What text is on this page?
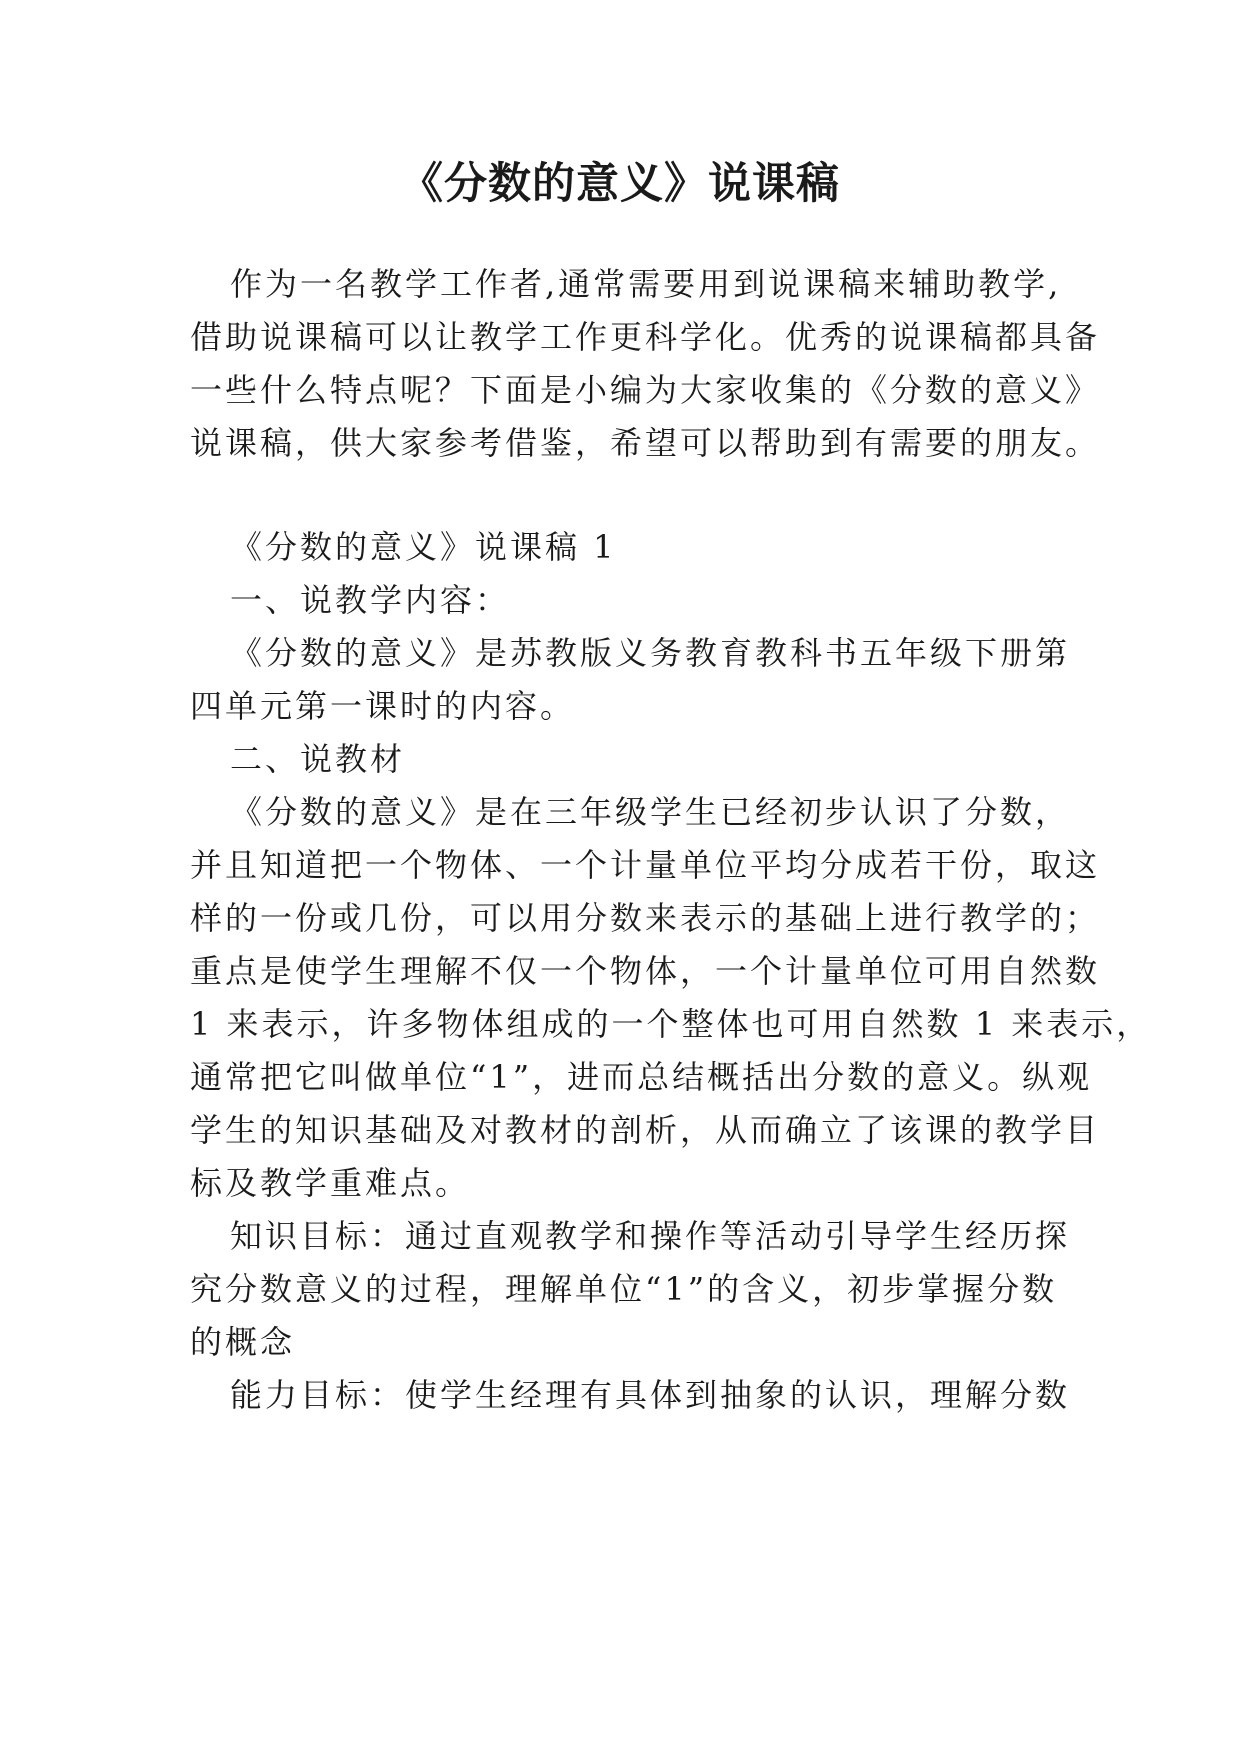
《分数的意义》说课稿
作为一名教学工作者,通常需要用到说课稿来辅助教学,
借助说课稿可以让教学工作更科学化。优秀的说课稿都具备
一些什么特点呢？下面是小编为大家收集的《分数的意义》
说课稿，供大家参考借鉴，希望可以帮助到有需要的朋友。
《分数的意义》说课稿 1
一、说教学内容：
《分数的意义》是苏教版义务教育教科书五年级下册第
四单元第一课时的内容。
二、说教材
《分数的意义》是在三年级学生已经初步认识了分数，
并且知道把一个物体、一个计量单位平均分成若干份，取这
样的一份或几份，可以用分数来表示的基础上进行教学的；
重点是使学生理解不仅一个物体，一个计量单位可用自然数
1 来表示，许多物体组成的一个整体也可用自然数 1 来表示，
通常把它叫做单位“1”，进而总结概括出分数的意义。纵观
学生的知识基础及对教材的剖析，从而确立了该课的教学目
标及教学重难点。
知识目标：通过直观教学和操作等活动引导学生经历探
究分数意义的过程，理解单位“1”的含义，初步掌握分数
的概念
能力目标：使学生经理有具体到抽象的认识，理解分数
